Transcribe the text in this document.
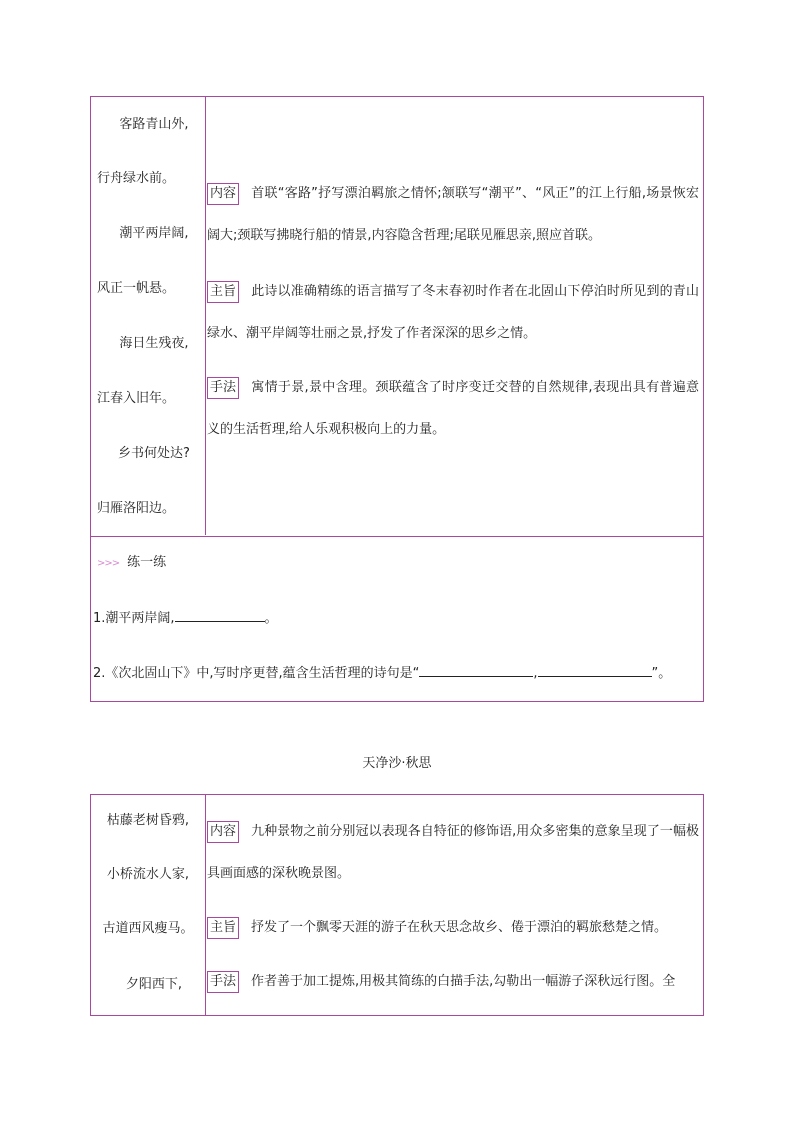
客路青山外,
行舟绿水前。
潮平两岸阔,
风正一帆悬。
海日生残夜,
江春入旧年。
乡书何处达?
归雁洛阳边。
内容 首联“客路”抒写漂泊羁旅之情怀;颔联写“潮平”、“风正”的江上行船,场景恢宏阔大;颈联写拂晓行船的情景,内容隐含哲理;尾联见雁思亲,照应首联。
主旨 此诗以准确精练的语言描写了冬末春初时作者在北固山下停泊时所见到的青山绿水、潮平岸阔等壮丽之景,抒发了作者深深的思乡之情。
手法 寓情于景,景中含理。颈联蕴含了时序变迁交替的自然规律,表现出具有普遍意义的生活哲理,给人乐观积极向上的力量。
>>> 练一练
1.潮平两岸阔,	。
2.《次北固山下》中,写时序更替,蕴含生活哲理的诗句是“	,	”。
天净沙·秋思
枯藤老树昏鸦,
小桥流水人家,
古道西风瘦马。
夕阳西下,
内容 九种景物之前分别冠以表现各自特征的修饰语,用众多密集的意象呈现了一幅极具画面感的深秋晚景图。
主旨 抒发了一个飘零天涯的游子在秋天思念故乡、倦于漂泊的羁旅愁楚之情。
手法 作者善于加工提炼,用极其简练的白描手法,勾勒出一幅游子深秋远行图。全
